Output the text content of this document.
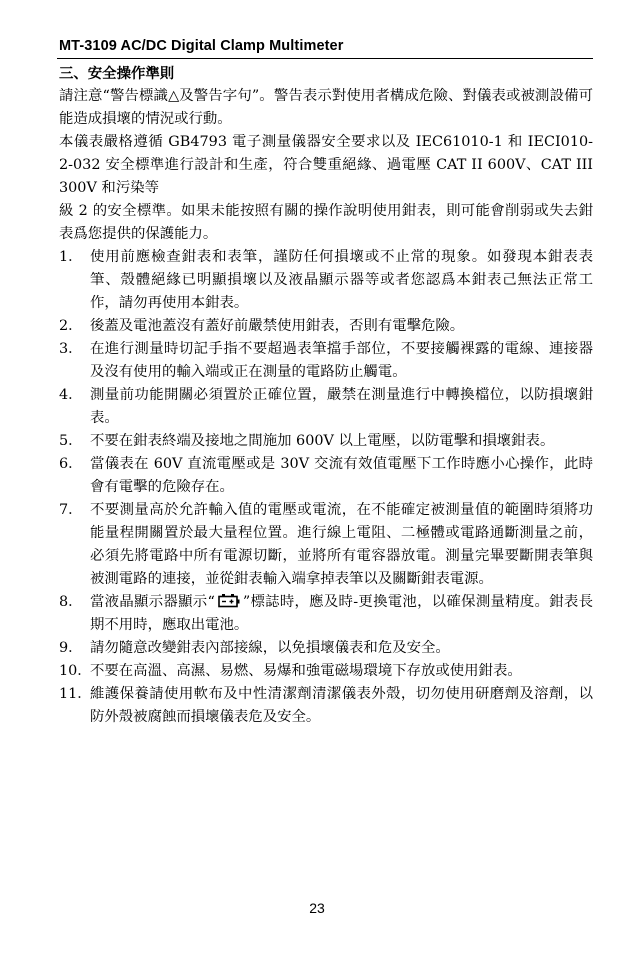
MT-3109 AC/DC Digital Clamp Multimeter

三、安全操作準則

請注意“警告標識△及警告字句”。警告表示對使用者構成危險、對儀表或被測設備可能造成損壞的情況或行動。

本儀表嚴格遵循 GB4793 電子測量儀器安全要求以及 IEC61010-1 和 IECI010-2-032 安全標準進行設計和生產，符合雙重絕緣、過電壓 CAT II 600V、CAT III 300V 和污染等

級 2 的安全標準。如果未能按照有關的操作說明使用鉗表，則可能會削弱或失去鉗表爲您提供的保護能力。

1． 使用前應檢查鉗表和表筆，謹防任何損壞或不止常的現象。如發現本鉗表表筆、殼體絕緣已明顯損壞以及液晶顯示器等或者您認爲本鉗表己無法正常工作，請勿再使用本鉗表。
2． 後蓋及電池蓋沒有蓋好前嚴禁使用鉗表，否則有電擊危險。
3． 在進行測量時切記手指不要超過表筆擋手部位，不要接觸裸露的電線、連接器及沒有使用的輸入端或正在測量的電路防止觸電。
4． 測量前功能開關必須置於正確位置，嚴禁在測量進行中轉換檔位，以防損壞鉗表。
5． 不要在鉗表終端及接地之間施加 600V 以上電壓，以防電擊和損壞鉗表。
6． 當儀表在 60V 直流電壓或是 30V 交流有效值電壓下工作時應小心操作，此時會有電擊的危險存在。
7． 不要測量高於允許輸入值的電壓或電流，在不能確定被測量值的範圍時須將功能量程開關置於最大量程位置。進行線上電阻、二極體或電路通斷測量之前，必須先將電路中所有電源切斷，並將所有電容器放電。測量完畢要斷開表筆與被測電路的連接，並從鉗表輸入端拿掉表筆以及關斷鉗表電源。
8． 當液晶顯示器顯示“ ”標誌時，應及時-更換電池，以確保測量精度。鉗表長期不用時，應取出電池。
9． 請勿隨意改變鉗表內部接線，以免損壞儀表和危及安全。
10．
不要在高溫、高濕、易燃、易爆和強電磁場環境下存放或使用鉗表。
11．
維護保養請使用軟布及中性清潔劑清潔儀表外殼，切勿使用研磨劑及溶劑，以防外殼被腐蝕而損壞儀表危及安全。
23
